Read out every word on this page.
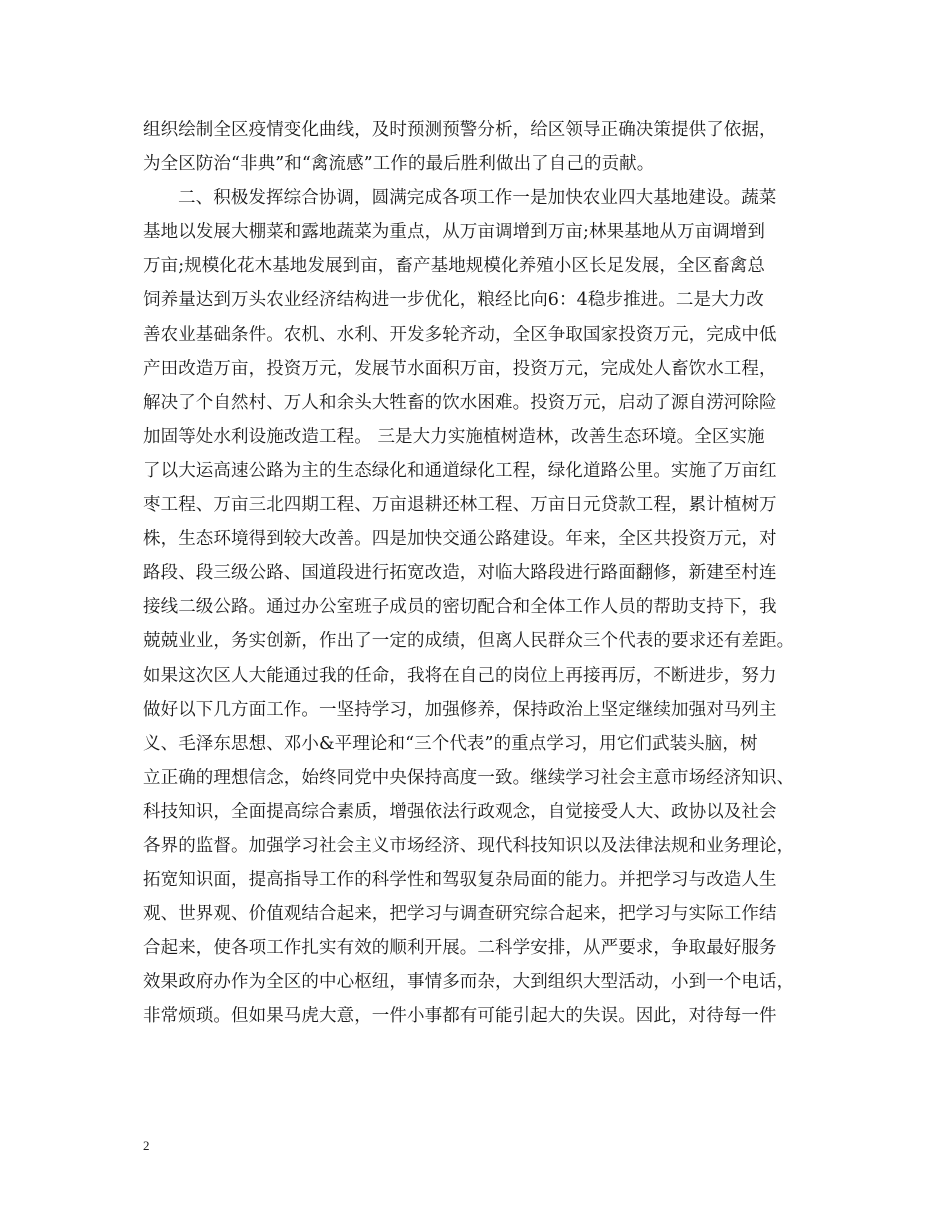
组织绘制全区疫情变化曲线，及时预测预警分析，给区领导正确决策提供了依据，
为全区防治“非典”和“禽流感”工作的最后胜利做出了自己的贡献。
二、积极发挥综合协调，圆满完成各项工作一是加快农业四大基地建设。蔬菜
基地以发展大棚菜和露地蔬菜为重点，从万亩调增到万亩;林果基地从万亩调增到
万亩;规模化花木基地发展到亩，畜产基地规模化养殖小区长足发展，全区畜禽总
饲养量达到万头农业经济结构进一步优化，粮经比向6：4稳步推进。二是大力改
善农业基础条件。农机、水利、开发多轮齐动，全区争取国家投资万元，完成中低
产田改造万亩，投资万元，发展节水面积万亩，投资万元，完成处人畜饮水工程，
解决了个自然村、万人和余头大牲畜的饮水困难。投资万元，启动了源自涝河除险
加固等处水利设施改造工程。 三是大力实施植树造林，改善生态环境。全区实施
了以大运高速公路为主的生态绿化和通道绿化工程，绿化道路公里。实施了万亩红
枣工程、万亩三北四期工程、万亩退耕还林工程、万亩日元贷款工程，累计植树万
株，生态环境得到较大改善。四是加快交通公路建设。年来，全区共投资万元，对
路段、段三级公路、国道段进行拓宽改造，对临大路段进行路面翻修，新建至村连
接线二级公路。通过办公室班子成员的密切配合和全体工作人员的帮助支持下，我
兢兢业业，务实创新，作出了一定的成绩，但离人民群众三个代表的要求还有差距。
如果这次区人大能通过我的任命，我将在自己的岗位上再接再厉，不断进步，努力
做好以下几方面工作。一坚持学习，加强修养，保持政治上坚定继续加强对马列主
义、毛泽东思想、邓小&平理论和“三个代表”的重点学习，用它们武装头脑，树
立正确的理想信念，始终同党中央保持高度一致。继续学习社会主意市场经济知识、
科技知识，全面提高综合素质，增强依法行政观念，自觉接受人大、政协以及社会
各界的监督。加强学习社会主义市场经济、现代科技知识以及法律法规和业务理论，
拓宽知识面，提高指导工作的科学性和驾驭复杂局面的能力。并把学习与改造人生
观、世界观、价值观结合起来，把学习与调查研究综合起来，把学习与实际工作结
合起来，使各项工作扎实有效的顺利开展。二科学安排，从严要求，争取最好服务
效果政府办作为全区的中心枢纽，事情多而杂，大到组织大型活动，小到一个电话，
非常烦琐。但如果马虎大意，一件小事都有可能引起大的失误。因此，对待每一件
2
